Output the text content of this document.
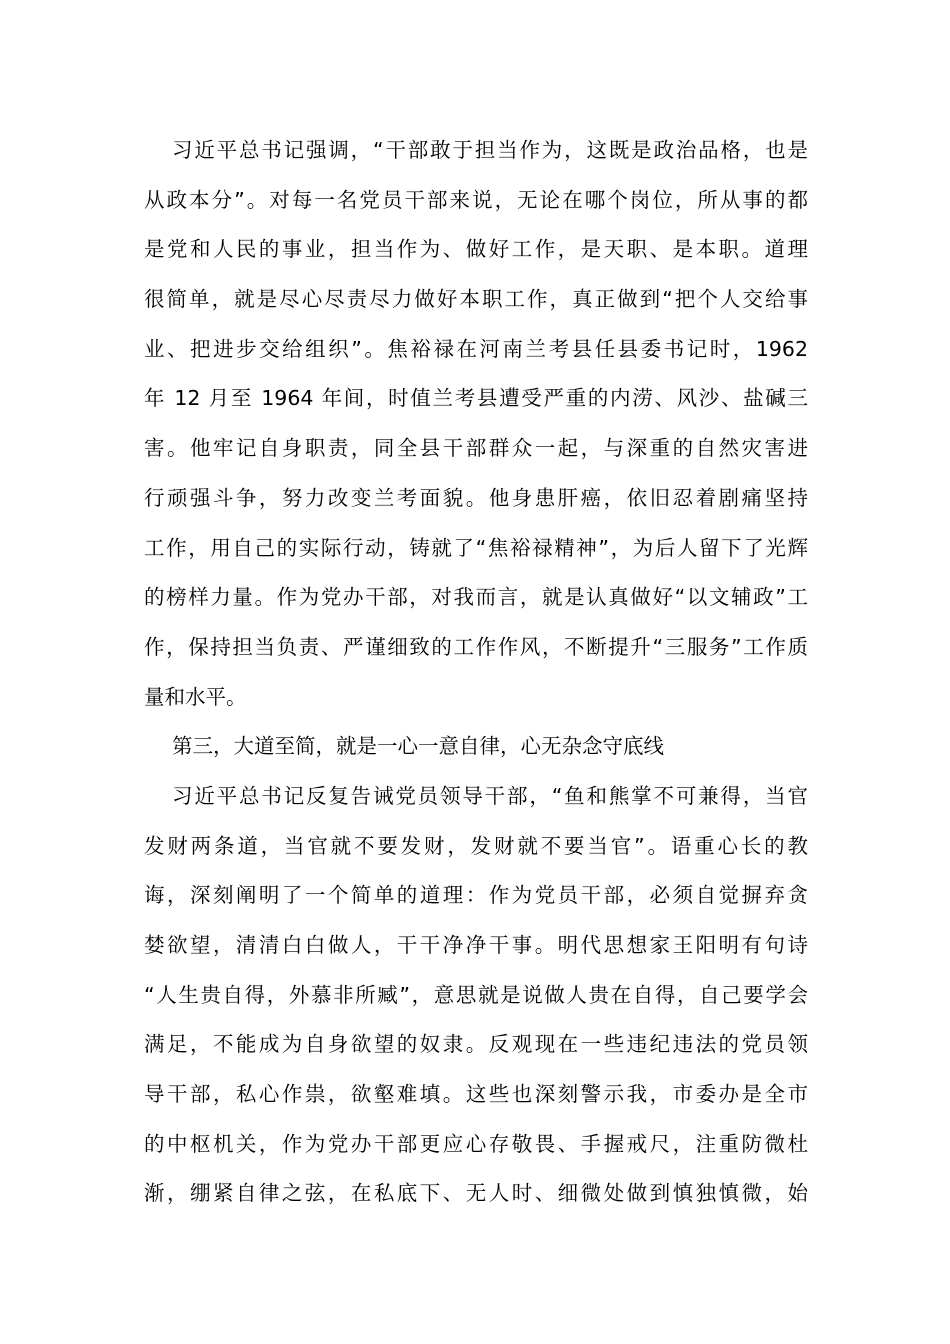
习近平总书记强调，“干部敢于担当作为，这既是政治品格，也是
从政本分”。对每一名党员干部来说，无论在哪个岗位，所从事的都
是党和人民的事业，担当作为、做好工作，是天职、是本职。道理
很简单，就是尽心尽责尽力做好本职工作，真正做到“把个人交给事
业、把进步交给组织”。焦裕禄在河南兰考县任县委书记时，1962
年 12 月至 1964 年间，时值兰考县遭受严重的内涝、风沙、盐碱三
害。他牢记自身职责，同全县干部群众一起，与深重的自然灾害进
行顽强斗争，努力改变兰考面貌。他身患肝癌，依旧忍着剧痛坚持
工作，用自己的实际行动，铸就了“焦裕禄精神”，为后人留下了光辉
的榜样力量。作为党办干部，对我而言，就是认真做好“以文辅政”工
作，保持担当负责、严谨细致的工作作风，不断提升“三服务”工作质
量和水平。
第三，大道至简，就是一心一意自律，心无杂念守底线
习近平总书记反复告诫党员领导干部，“鱼和熊掌不可兼得，当官
发财两条道，当官就不要发财，发财就不要当官”。语重心长的教
诲，深刻阐明了一个简单的道理：作为党员干部，必须自觉摒弃贪
婪欲望，清清白白做人，干干净净干事。明代思想家王阳明有句诗
“人生贵自得，外慕非所臧”，意思就是说做人贵在自得，自己要学会
满足，不能成为自身欲望的奴隶。反观现在一些违纪违法的党员领
导干部，私心作祟，欲壑难填。这些也深刻警示我，市委办是全市
的中枢机关，作为党办干部更应心存敬畏、手握戒尺，注重防微杜
渐，绷紧自律之弦，在私底下、无人时、细微处做到慎独慎微，始
